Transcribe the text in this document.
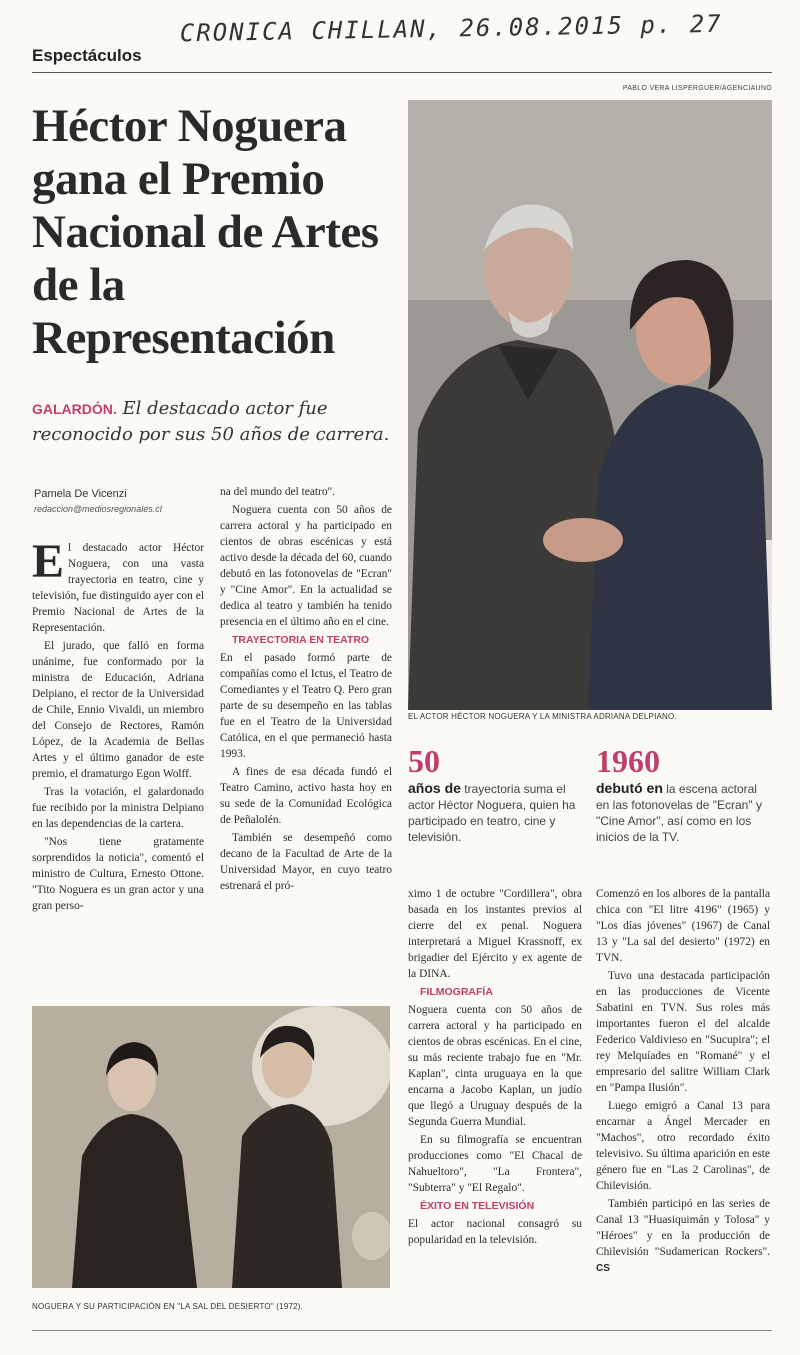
CRONICA CHILLAN, 26.08.2015 p. 27
Espectáculos
PABLO VERA LISPERGUER/AGENCIAUNO
Héctor Noguera gana el Premio Nacional de Artes de la Representación
GALARDÓN. El destacado actor fue reconocido por sus 50 años de carrera.
Pamela De Vicenzi
redaccion@mediosregionales.cl

El destacado actor Héctor Noguera, con una vasta trayectoria en teatro, cine y televisión, fue distinguido ayer con el Premio Nacional de Artes de la Representación.

El jurado, que falló en forma unánime, fue conformado por la ministra de Educación, Adriana Delpiano, el rector de la Universidad de Chile, Ennio Vivaldi, un miembro del Consejo de Rectores, Ramón López, de la Academia de Bellas Artes y el último ganador de este premio, el dramaturgo Egon Wolff.

Tras la votación, el galardonado fue recibido por la ministra Delpiano en las dependencias de la cartera.

"Nos tiene gratamente sorprendidos la noticia", comentó el ministro de Cultura, Ernesto Ottone. "Tito Noguera es un gran actor y una gran perso-

na del mundo del teatro".

Noguera cuenta con 50 años de carrera actoral y ha participado en cientos de obras escénicas y está activo desde la década del 60, cuando debutó en las fotonovelas de "Ecran" y "Cine Amor". En la actualidad se dedica al teatro y también ha tenido presencia en el último año en el cine.

TRAYECTORIA EN TEATRO

En el pasado formó parte de compañías como el Ictus, el Teatro de Comediantes y el Teatro Q. Pero gran parte de su desempeño en las tablas fue en el Teatro de la Universidad Católica, en el que permaneció hasta 1993.

A fines de esa década fundó el Teatro Camino, activo hasta hoy en su sede de la Comunidad Ecológica de Peñalolén.

También se desempeñó como decano de la Facultad de Arte de la Universidad Mayor, en cuyo teatro estrenará el pró-

EL ACTOR HÉCTOR NOGUERA Y LA MINISTRA ADRIANA DELPIANO.
50
años de trayectoria suma el actor Héctor Noguera, quien ha participado en teatro, cine y televisión.
1960
debutó en la escena actoral en las fotonovelas de "Ecran" y "Cine Amor", así como en los inicios de la TV.

ximo 1 de octubre "Cordillera", obra basada en los instantes previos al cierre del ex penal. Noguera interpretará a Miguel Krassnoff, ex brigadier del Ejército y ex agente de la DINA.

FILMOGRAFÍA

Noguera cuenta con 50 años de carrera actoral y ha participado en cientos de obras escénicas. En el cine, su más reciente trabajo fue en "Mr. Kaplan", cinta uruguaya en la que encarna a Jacobo Kaplan, un judío que llegó a Uruguay después de la Segunda Guerra Mundial.

En su filmografía se encuentran producciones como "El Chacal de Nahueltoro", "La Frontera", "Subterra" y "El Regalo".

ÉXITO EN TELEVISIÓN

El actor nacional consagró su popularidad en la televisión.

Comenzó en los albores de la pantalla chica con "El litre 4196" (1965) y "Los días jóvenes" (1967) de Canal 13 y "La sal del desierto" (1972) en TVN.

Tuvo una destacada participación en las producciones de Vicente Sabatini en TVN. Sus roles más importantes fueron el del alcalde Federico Valdivieso en "Sucupira"; el rey Melquíades en "Romané" y el empresario del salitre William Clark en "Pampa Ilusión".

Luego emigró a Canal 13 para encarnar a Ángel Mercader en "Machos", otro recordado éxito televisivo. Su última aparición en este género fue en "Las 2 Carolinas", de Chilevisión.

También participó en las series de Canal 13 "Huasiquimán y Tolosa" y "Héroes" y en la producción de Chilevisión "Sudamerican Rockers". CS

NOGUERA Y SU PARTICIPACIÓN EN "LA SAL DEL DESIERTO" (1972).
